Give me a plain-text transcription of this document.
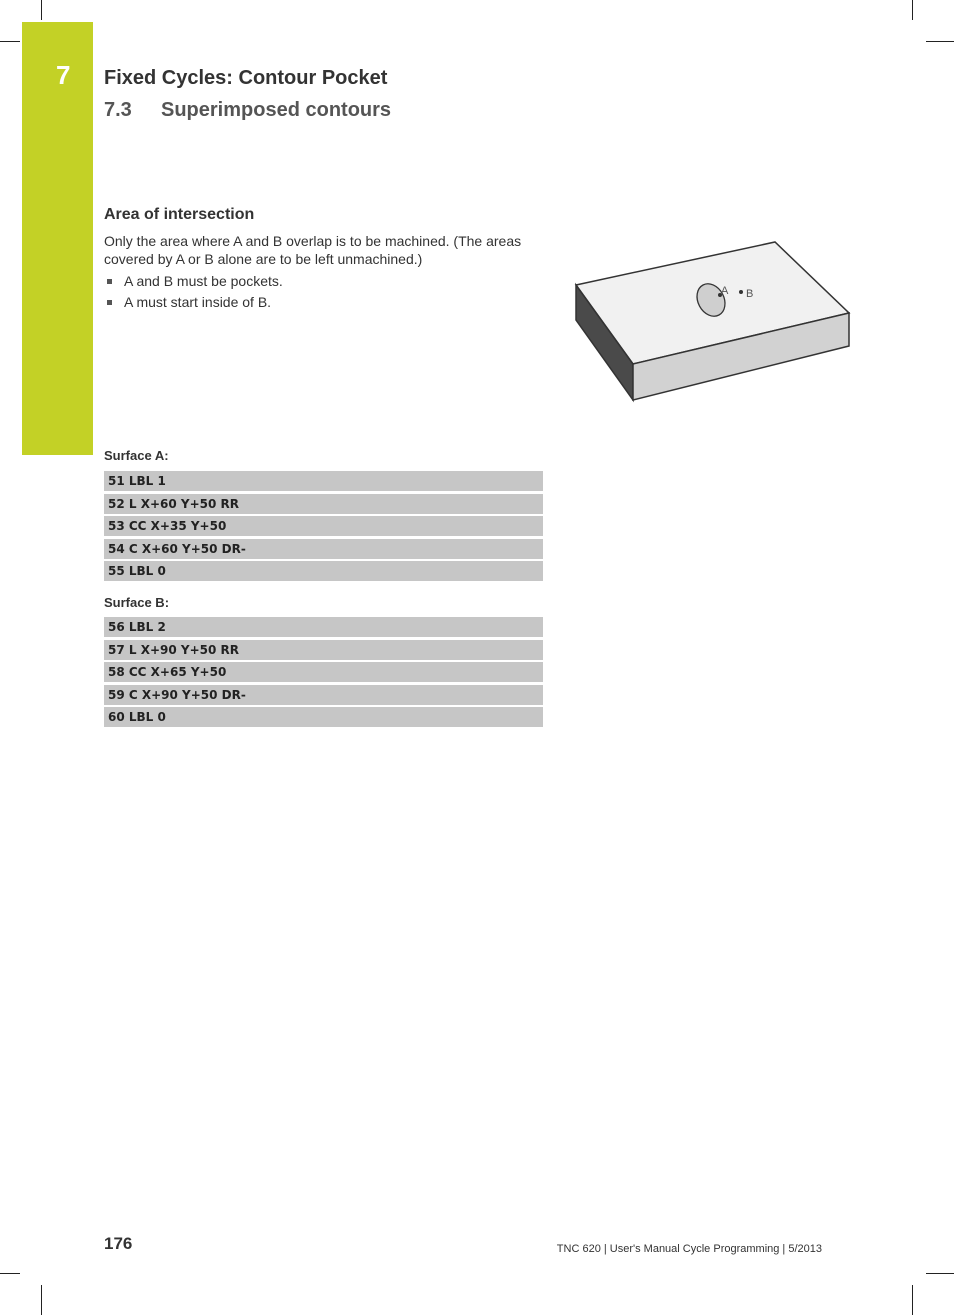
7 Fixed Cycles: Contour Pocket
7.3 Superimposed contours
Area of intersection

Only the area where A and B overlap is to be machined. (The areas covered by A or B alone are to be left unmachined.)

A and B must be pockets.
A must start inside of B.
A B
Surface A:
51 LBL 1
52 L X+60 Y+50 RR
53 CC X+35 Y+50
54 C X+60 Y+50 DR-
55 LBL 0
Surface B:
56 LBL 2
57 L X+90 Y+50 RR
58 CC X+65 Y+50
59 C X+90 Y+50 DR-
60 LBL 0
176	TNC 620 | User's Manual Cycle Programming | 5/2013
